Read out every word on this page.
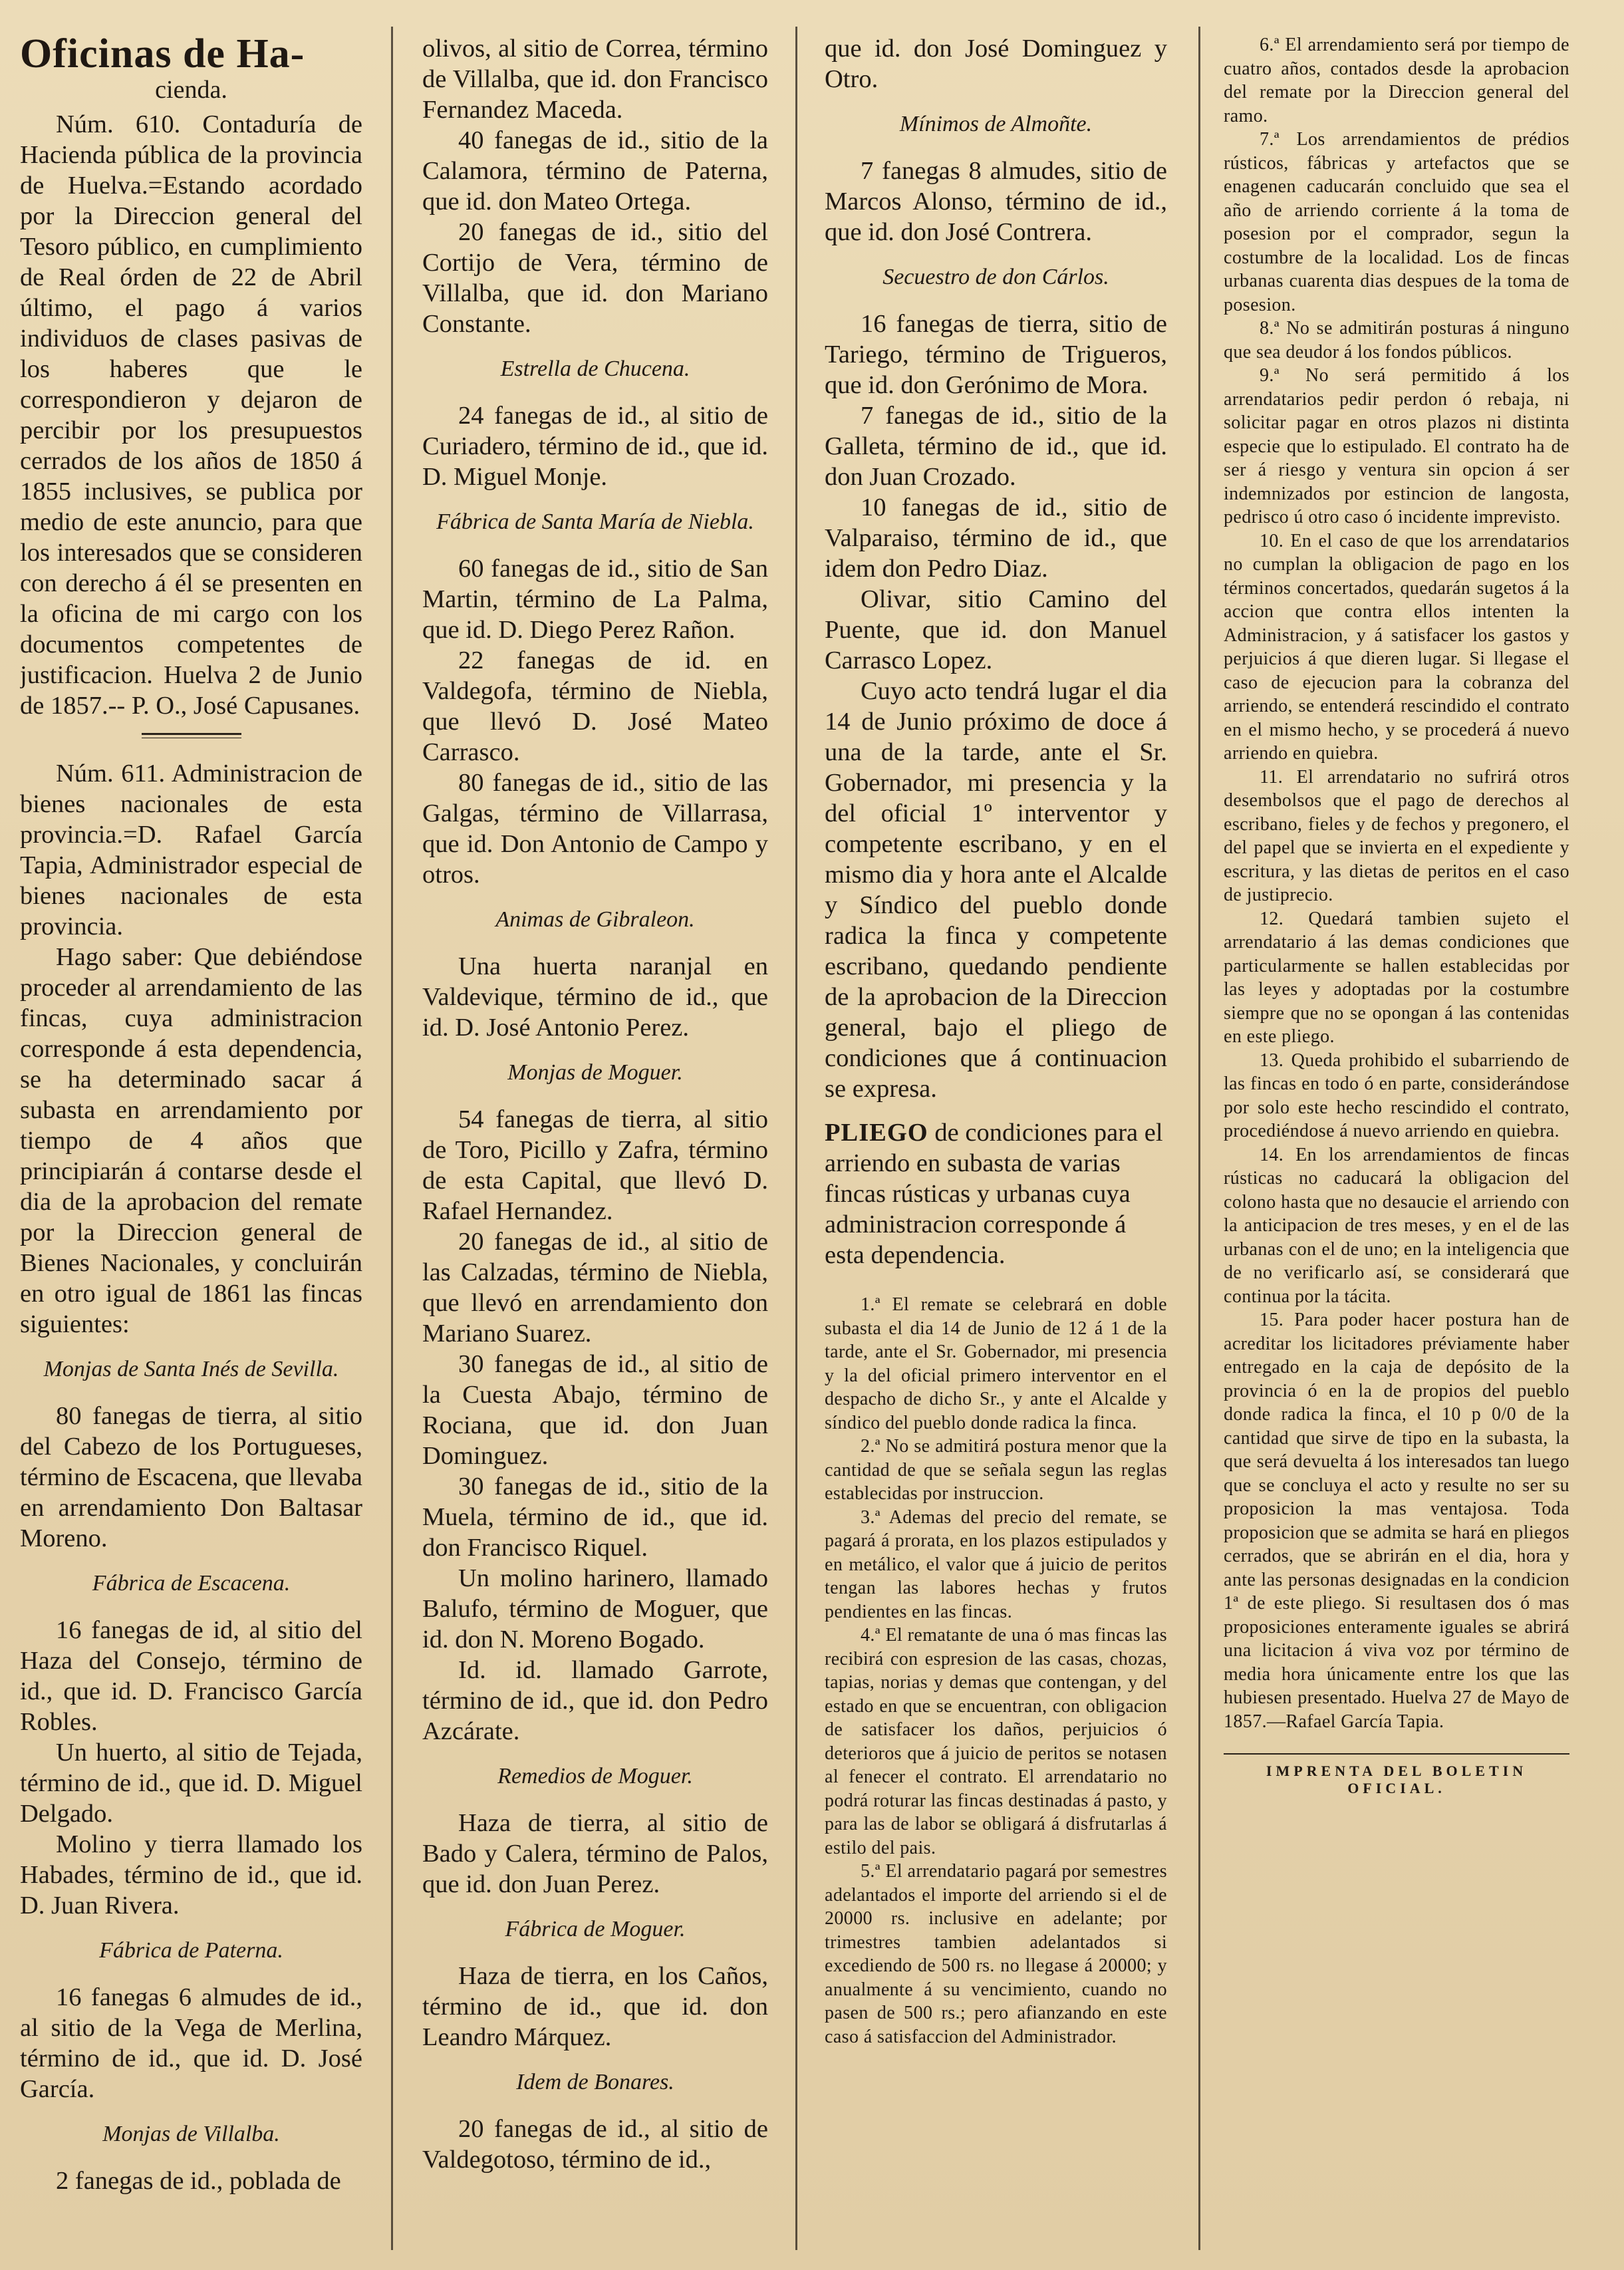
Oficinas de Ha-

cienda.

Núm. 610. Contaduría de Hacienda pública de la provincia de Huelva.=Estando acordado por la Direccion general del Tesoro público, en cumplimiento de Real órden de 22 de Abril último, el pago á varios individuos de clases pasivas de los haberes que le correspondieron y dejaron de percibir por los presupuestos cerrados de los años de 1850 á 1855 inclusives, se publica por medio de este anuncio, para que los interesados que se consideren con derecho á él se presenten en la oficina de mi cargo con los documentos competentes de justificacion. Huelva 2 de Junio de 1857.-- P. O., José Capusanes.

Núm. 611. Administracion de bienes nacionales de esta provincia.=D. Rafael García Tapia, Administrador especial de bienes nacionales de esta provincia.

Hago saber: Que debiéndose proceder al arrendamiento de las fincas, cuya administracion corresponde á esta dependencia, se ha determinado sacar á subasta en arrendamiento por tiempo de 4 años que principiarán á contarse desde el dia de la aprobacion del remate por la Direccion general de Bienes Nacionales, y concluirán en otro igual de 1861 las fincas siguientes:

Monjas de Santa Inés de Sevilla.

80 fanegas de tierra, al sitio del Cabezo de los Portugueses, término de Escacena, que llevaba en arrendamiento Don Baltasar Moreno.

Fábrica de Escacena.

16 fanegas de id, al sitio del Haza del Consejo, término de id., que id. D. Francisco García Robles.

Un huerto, al sitio de Tejada, término de id., que id. D. Miguel Delgado.

Molino y tierra llamado los Habades, término de id., que id. D. Juan Rivera.

Fábrica de Paterna.

16 fanegas 6 almudes de id., al sitio de la Vega de Merlina, término de id., que id. D. José García.

Monjas de Villalba.

2 fanegas de id., poblada de

olivos, al sitio de Correa, término de Villalba, que id. don Francisco Fernandez Maceda.

40 fanegas de id., sitio de la Calamora, término de Paterna, que id. don Mateo Ortega.

20 fanegas de id., sitio del Cortijo de Vera, término de Villalba, que id. don Mariano Constante.

Estrella de Chucena.

24 fanegas de id., al sitio de Curiadero, término de id., que id. D. Miguel Monje.

Fábrica de Santa María de Niebla.

60 fanegas de id., sitio de San Martin, término de La Palma, que id. D. Diego Perez Rañon.

22 fanegas de id. en Valdegofa, término de Niebla, que llevó D. José Mateo Carrasco.

80 fanegas de id., sitio de las Galgas, término de Villarrasa, que id. Don Antonio de Campo y otros.

Animas de Gibraleon.

Una huerta naranjal en Valdevique, término de id., que id. D. José Antonio Perez.

Monjas de Moguer.

54 fanegas de tierra, al sitio de Toro, Picillo y Zafra, término de esta Capital, que llevó D. Rafael Hernandez.

20 fanegas de id., al sitio de las Calzadas, término de Niebla, que llevó en arrendamiento don Mariano Suarez.

30 fanegas de id., al sitio de la Cuesta Abajo, término de Rociana, que id. don Juan Dominguez.

30 fanegas de id., sitio de la Muela, término de id., que id. don Francisco Riquel.

Un molino harinero, llamado Balufo, término de Moguer, que id. don N. Moreno Bogado.

Id. id. llamado Garrote, término de id., que id. don Pedro Azcárate.

Remedios de Moguer.

Haza de tierra, al sitio de Bado y Calera, término de Palos, que id. don Juan Perez.

Fábrica de Moguer.

Haza de tierra, en los Caños, término de id., que id. don Leandro Márquez.

Idem de Bonares.

20 fanegas de id., al sitio de Valdegotoso, término de id.,

que id. don José Dominguez y Otro.

Mínimos de Almoñte.

7 fanegas 8 almudes, sitio de Marcos Alonso, término de id., que id. don José Contrera.

Secuestro de don Cárlos.

16 fanegas de tierra, sitio de Tariego, término de Trigueros, que id. don Gerónimo de Mora.

7 fanegas de id., sitio de la Galleta, término de id., que id. don Juan Crozado.

10 fanegas de id., sitio de Valparaiso, término de id., que idem don Pedro Diaz.

Olivar, sitio Camino del Puente, que id. don Manuel Carrasco Lopez.

Cuyo acto tendrá lugar el dia 14 de Junio próximo de doce á una de la tarde, ante el Sr. Gobernador, mi presencia y la del oficial 1º interventor y competente escribano, y en el mismo dia y hora ante el Alcalde y Síndico del pueblo donde radica la finca y competente escribano, quedando pendiente de la aprobacion de la Direccion general, bajo el pliego de condiciones que á continuacion se expresa.

PLIEGO de condiciones para el arriendo en subasta de varias fincas rústicas y urbanas cuya administracion corresponde á esta dependencia.

1.ª El remate se celebrará en doble subasta el dia 14 de Junio de 12 á 1 de la tarde, ante el Sr. Gobernador, mi presencia y la del oficial primero interventor en el despacho de dicho Sr., y ante el Alcalde y síndico del pueblo donde radica la finca.

2.ª No se admitirá postura menor que la cantidad de que se señala segun las reglas establecidas por instruccion.

3.ª Ademas del precio del remate, se pagará á prorata, en los plazos estipulados y en metálico, el valor que á juicio de peritos tengan las labores hechas y frutos pendientes en las fincas.

4.ª El rematante de una ó mas fincas las recibirá con espresion de las casas, chozas, tapias, norias y demas que contengan, y del estado en que se encuentran, con obligacion de satisfacer los daños, perjuicios ó deterioros que á juicio de peritos se notasen al fenecer el contrato. El arrendatario no podrá roturar las fincas destinadas á pasto, y para las de labor se obligará á disfrutarlas á estilo del pais.

5.ª El arrendatario pagará por semestres adelantados el importe del arriendo si el de 20000 rs. inclusive en adelante; por trimestres tambien adelantados si excediendo de 500 rs. no llegase á 20000; y anualmente á su vencimiento, cuando no pasen de 500 rs.; pero afianzando en este caso á satisfaccion del Administrador.

6.ª El arrendamiento será por tiempo de cuatro años, contados desde la aprobacion del remate por la Direccion general del ramo.

7.ª Los arrendamientos de prédios rústicos, fábricas y artefactos que se enagenen caducarán concluido que sea el año de arriendo corriente á la toma de posesion por el comprador, segun la costumbre de la localidad. Los de fincas urbanas cuarenta dias despues de la toma de posesion.

8.ª No se admitirán posturas á ninguno que sea deudor á los fondos públicos.

9.ª No será permitido á los arrendatarios pedir perdon ó rebaja, ni solicitar pagar en otros plazos ni distinta especie que lo estipulado. El contrato ha de ser á riesgo y ventura sin opcion á ser indemnizados por estincion de langosta, pedrisco ú otro caso ó incidente imprevisto.

10. En el caso de que los arrendatarios no cumplan la obligacion de pago en los términos concertados, quedarán sugetos á la accion que contra ellos intenten la Administracion, y á satisfacer los gastos y perjuicios á que dieren lugar. Si llegase el caso de ejecucion para la cobranza del arriendo, se entenderá rescindido el contrato en el mismo hecho, y se procederá á nuevo arriendo en quiebra.

11. El arrendatario no sufrirá otros desembolsos que el pago de derechos al escribano, fieles y de fechos y pregonero, el del papel que se invierta en el expediente y escritura, y las dietas de peritos en el caso de justiprecio.

12. Quedará tambien sujeto el arrendatario á las demas condiciones que particularmente se hallen establecidas por las leyes y adoptadas por la costumbre siempre que no se opongan á las contenidas en este pliego.

13. Queda prohibido el subarriendo de las fincas en todo ó en parte, considerándose por solo este hecho rescindido el contrato, procediéndose á nuevo arriendo en quiebra.

14. En los arrendamientos de fincas rústicas no caducará la obligacion del colono hasta que no desaucie el arriendo con la anticipacion de tres meses, y en el de las urbanas con el de uno; en la inteligencia que de no verificarlo así, se considerará que continua por la tácita.

15. Para poder hacer postura han de acreditar los licitadores préviamente haber entregado en la caja de depósito de la provincia ó en la de propios del pueblo donde radica la finca, el 10 p 0/0 de la cantidad que sirve de tipo en la subasta, la que será devuelta á los interesados tan luego que se concluya el acto y resulte no ser su proposicion la mas ventajosa. Toda proposicion que se admita se hará en pliegos cerrados, que se abrirán en el dia, hora y ante las personas designadas en la condicion 1ª de este pliego. Si resultasen dos ó mas proposiciones enteramente iguales se abrirá una licitacion á viva voz por término de media hora únicamente entre los que las hubiesen presentado. Huelva 27 de Mayo de 1857.—Rafael García Tapia.

IMPRENTA DEL BOLETIN OFICIAL.
